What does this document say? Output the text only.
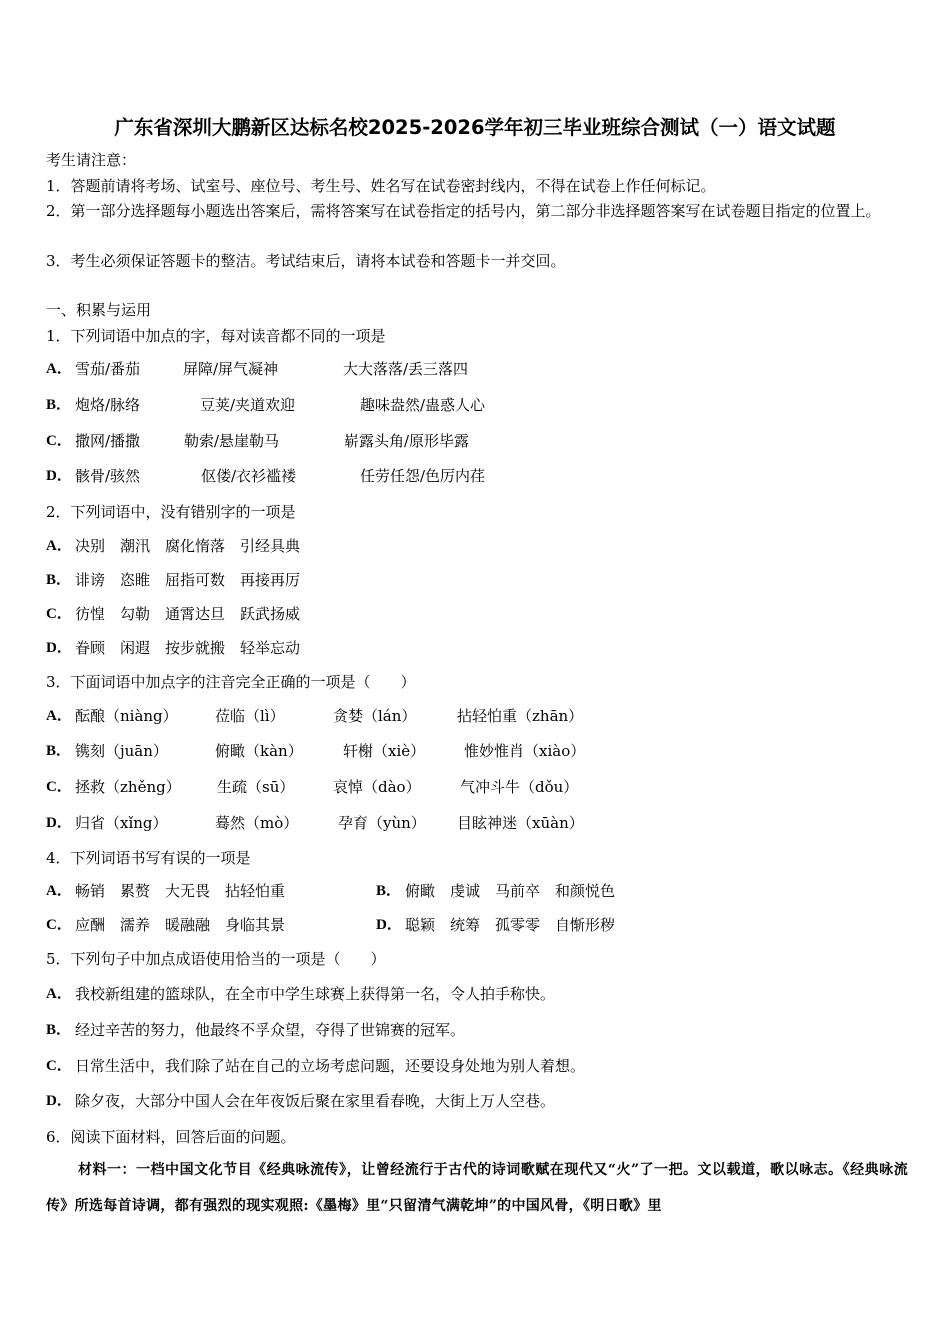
广东省深圳大鹏新区达标名校2025-2026学年初三毕业班综合测试（一）语文试题
考生请注意：
1．答题前请将考场、试室号、座位号、考生号、姓名写在试卷密封线内，不得在试卷上作任何标记。
2．第一部分选择题每小题选出答案后，需将答案写在试卷指定的括号内，第二部分非选择题答案写在试卷题目指定的位置上。
3．考生必须保证答题卡的整洁。考试结束后，请将本试卷和答题卡一并交回。
一、积累与运用
1．下列词语中加点的字，每对读音都不同的一项是
A． 雪茄/番茄	屏障/屏气凝神	大大落落/丢三落四
B． 炮烙/脉络	豆荚/夹道欢迎	趣味盎然/蛊惑人心
C． 撒网/播撒	勒索/悬崖勒马	崭露头角/原形毕露
D． 骸骨/骇然	伛偻/衣衫褴褛	任劳任怨/色厉内荏
2．下列词语中，没有错别字的一项是
A． 决别　潮汛　腐化惰落　引经具典
B． 诽谤　恣睢　屈指可数　再接再厉
C． 彷惶　勾勒　通霄达旦　跃武扬威
D． 眷顾　闲遐　按步就搬　轻举忘动
3．下面词语中加点字的注音完全正确的一项是（　　）
A． 酝酿（niàng） 莅临（lì）	贪婪（lán）	拈轻怕重（zhān）
B． 镌刻（juān）	俯瞰（kàn）	轩榭（xiè）	惟妙惟肖（xiào）
C． 拯救（zhěng） 生疏（sū）	哀悼（dào）	气冲斗牛（dǒu）
D． 归省（xǐng）	蓦然（mò）	孕育（yùn） 目眩神迷（xūàn）
4．下列词语书写有误的一项是
A． 畅销　累赘　大无畏　拈轻怕重	B． 俯瞰　虔诚　马前卒　和颜悦色
C． 应酬　濡养　暖融融　身临其景	D． 聪颖　统筹　孤零零　自惭形秽
5．下列句子中加点成语使用恰当的一项是（　　）
A． 我校新组建的篮球队，在全市中学生球赛上获得第一名，令人拍手称快。
B． 经过辛苦的努力，他最终不孚众望，夺得了世锦赛的冠军。
C． 日常生活中，我们除了站在自己的立场考虑问题，还要设身处地为别人着想。
D． 除夕夜，大部分中国人会在年夜饭后聚在家里看春晚，大街上万人空巷。
6．阅读下面材料，回答后面的问题。
材料一：一档中国文化节目《经典咏流传》，让曾经流行于古代的诗词歌赋在现代又“火”了一把。文以载道，歌以咏志。《经典咏流传》所选每首诗调，都有强烈的现实观照:《墨梅》里“只留清气满乾坤”的中国风骨，《明日歌》里
